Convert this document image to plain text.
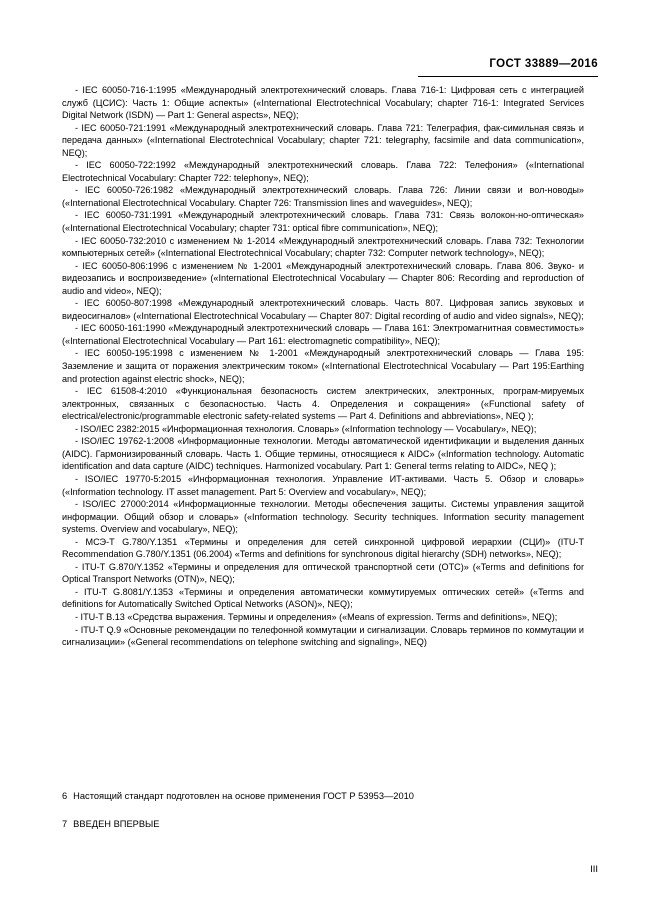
ГОСТ 33889—2016

- IEC 60050-716-1:1995 «Международный электротехнический словарь. Глава 716-1: Цифровая сеть с интеграцией служб (ЦСИС): Часть 1: Общие аспекты» («International Electrotechnical Vocabulary; chapter 716-1: Integrated Services Digital Network (ISDN) — Part 1: General aspects», NEQ);

- IEC 60050-721:1991 «Международный электротехнический словарь. Глава 721: Телеграфия, фак-симильная связь и передача данных» («International Electrotechnical Vocabulary; chapter 721: telegraphy, facsimile and data communication», NEQ);

- IEC 60050-722:1992 «Международный электротехнический словарь. Глава 722: Телефония» («International Electrotechnical Vocabulary: Chapter 722: telephony», NEQ);

- IEC 60050-726:1982 «Международный электротехнический словарь. Глава 726: Линии связи и вол-новоды» («International Electrotechnical Vocabulary. Chapter 726: Transmission lines and waveguides», NEQ);

- IEC 60050-731:1991 «Международный электротехнический словарь. Глава 731: Связь волокон-но-оптическая» («International Electrotechnical Vocabulary; chapter 731: optical fibre communication», NEQ);

- IEC 60050-732:2010 с изменением № 1-2014 «Международный электротехнический словарь. Глава 732: Технологии компьютерных сетей» («International Electrotechnical Vocabulary; chapter 732: Computer network technology», NEQ);

- IEC 60050-806:1996 с изменением № 1-2001 «Международный электротехнический словарь. Глава 806. Звуко- и видеозапись и воспроизведение» («International Electrotechnical Vocabulary — Chapter 806: Recording and reproduction of audio and video», NEQ);

- IEC 60050-807:1998 «Международный электротехнический словарь. Часть 807. Цифровая запись звуковых и видеосигналов» («International Electrotechnical Vocabulary — Chapter 807: Digital recording of audio and video signals», NEQ);

- IEC 60050-161:1990 «Международный электротехнический словарь — Глава 161: Электромагнитная совместимость» («International Electrotechnical Vocabulary — Part 161: electromagnetic compatibility», NEQ);

- IEC 60050-195:1998 с изменением № 1-2001 «Международный электротехнический словарь — Глава 195: Заземление и защита от поражения электрическим током» («International Electrotechnical Vocabulary — Part 195:Earthing and protection against electric shock», NEQ);

- IEC 61508-4:2010 «Функциональная безопасность систем электрических, электронных, програм-мируемых электронных, связанных с безопасностью. Часть 4. Определения и сокращения» («Functional safety of electrical/electronic/programmable electronic safety-related systems — Part 4. Definitions and abbreviations», NEQ );

- ISO/IEC 2382:2015 «Информационная технология. Словарь» («Information technology — Vocabulary», NEQ);

- ISO/IEC 19762-1:2008 «Информационные технологии. Методы автоматической идентификации и выделения данных (AIDC). Гармонизированный словарь. Часть 1. Общие термины, относящиеся к AIDC» («Information technology. Automatic identification and data capture (AIDC) techniques. Harmonized vocabulary. Part 1: General terms relating to AIDC», NEQ );

- ISO/IEC 19770-5:2015 «Информационная технология. Управление ИТ-активами. Часть 5. Обзор и словарь» («Information technology. IT asset management. Part 5: Overview and vocabulary», NEQ);

- ISO/IEC 27000:2014 «Информационные технологии. Методы обеспечения защиты. Системы управления защитой информации. Общий обзор и словарь» («Information technology. Security techniques. Information security management systems. Overview and vocabulary», NEQ);

- МСЭ-Т G.780/Y.1351 «Термины и определения для сетей синхронной цифровой иерархии (СЦИ)» (ITU-T Recommendation G.780/Y.1351 (06.2004) «Terms and definitions for synchronous digital hierarchy (SDH) networks», NEQ);

- ITU-T G.870/Y.1352 «Термины и определения для оптической транспортной сети (OTC)» («Terms and definitions for Optical Transport Networks (OTN)», NEQ);

- ITU-T G.8081/Y.1353 «Термины и определения автоматически коммутируемых оптических сетей» («Terms and definitions for Automatically Switched Optical Networks (ASON)», NEQ);

- ITU-T B.13 «Средства выражения. Термины и определения» («Means of expression. Terms and definitions», NEQ);

- ITU-T Q.9 «Основные рекомендации по телефонной коммутации и сигнализации. Словарь терминов по коммутации и сигнализации» («General recommendations on telephone switching and signaling», NEQ)

6 Настоящий стандарт подготовлен на основе применения ГОСТ Р 53953—2010
7 ВВЕДЕН ВПЕРВЫЕ
III
